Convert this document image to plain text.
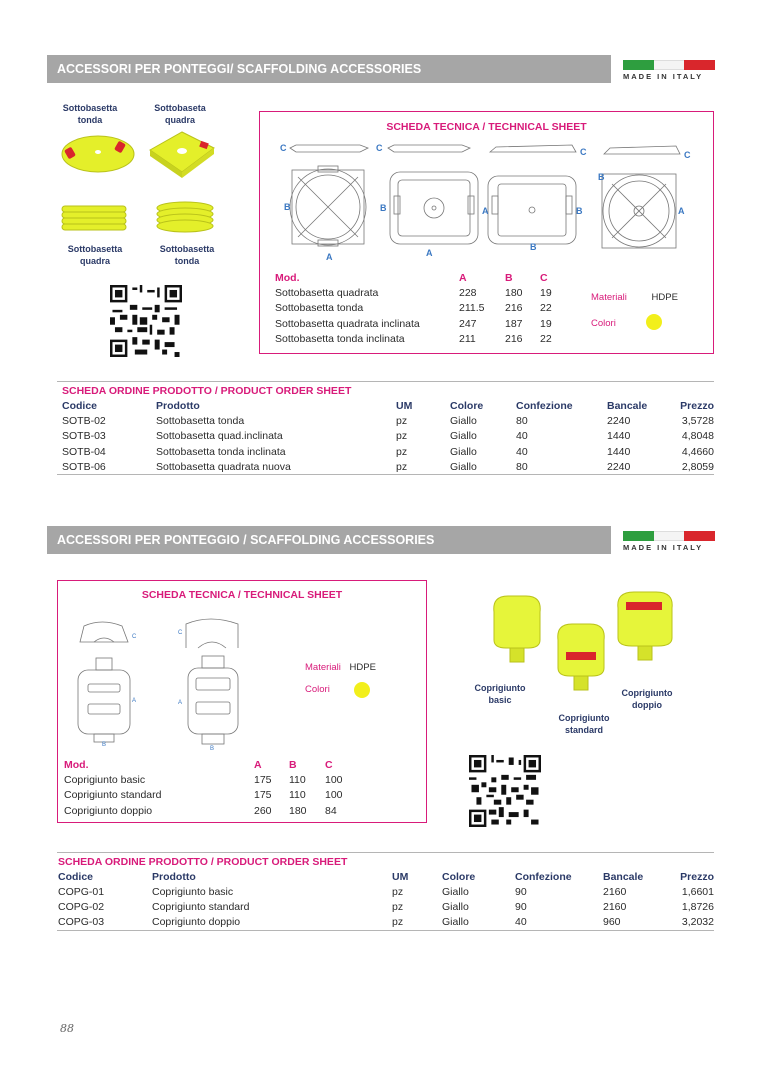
ACCESSORI PER PONTEGGI/ SCAFFOLDING ACCESSORIES
MADE IN ITALY
Sottobasetta tonda
Sottobaseta quadra
Sottobasetta quadra
Sottobasetta tonda
SCHEDA TECNICA / TECHNICAL SHEET
C	C	C	C
B	B	A	B
B
A
A	A
B
Mod.	A	B	C
Sottobasetta quadrata	228	180	19
Sottobasetta tonda	211.5	216	22
Sottobasetta quadrata inclinata	247	187	19
Sottobasetta tonda inclinata	211	216	22
Materiali	HDPE
Colori
SCHEDA ORDINE PRODOTTO / PRODUCT ORDER SHEET
Codice	Prodotto	UM	Colore	Confezione	Bancale	Prezzo
SOTB-02	Sottobasetta tonda	pz	Giallo	80	2240	3,5728
SOTB-03	Sottobasetta quad.inclinata	pz	Giallo	40	1440	4,8048
SOTB-04	Sottobasetta tonda inclinata	pz	Giallo	40	1440	4,4660
SOTB-06	Sottobasetta quadrata nuova	pz	Giallo	80	2240	2,8059
ACCESSORI PER PONTEGGIO / SCAFFOLDING ACCESSORIES
MADE IN ITALY
SCHEDA TECNICA / TECHNICAL SHEET
C
A
B
C
A
B
Materiali HDPE
Colori
Mod.	A	B	C
Coprigiunto basic	175	110	100
Coprigiunto standard	175	110	100
Coprigiunto doppio	260	180	84
Coprigiunto basic
Coprigiunto standard
Coprigiunto doppio
SCHEDA ORDINE PRODOTTO / PRODUCT ORDER SHEET
Codice	Prodotto	UM	Colore	Confezione	Bancale	Prezzo
COPG-01	Coprigiunto basic	pz	Giallo	90	2160	1,6601
COPG-02	Coprigiunto standard	pz	Giallo	90	2160	1,8726
COPG-03	Coprigiunto doppio	pz	Giallo	40	960	3,2032
88
